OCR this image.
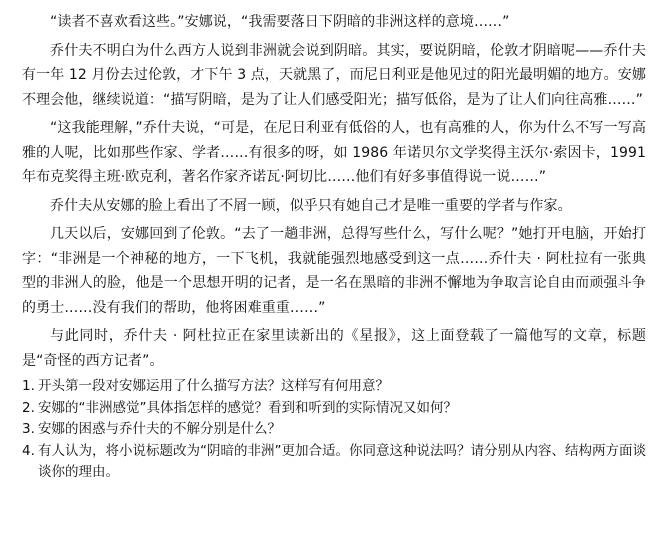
“读者不喜欢看这些。”安娜说，“我需要落日下阴暗的非洲这样的意境……”

乔什夫不明白为什么西方人说到非洲就会说到阴暗。其实，要说阴暗，伦敦才阴暗呢——乔什夫有一年 12 月份去过伦敦，才下午 3 点，天就黑了，而尼日利亚是他见过的阳光最明媚的地方。安娜不理会他，继续说道：“描写阴暗，是为了让人们感受阳光；描写低俗，是为了让人们向往高雅……”

“这我能理解，”乔什夫说，“可是，在尼日利亚有低俗的人，也有高雅的人，你为什么不写一写高雅的人呢，比如那些作家、学者……有很多的呀，如 1986 年诺贝尔文学奖得主沃尔·索因卡，1991 年布克奖得主班·欧克利，著名作家齐诺瓦·阿切比……他们有好多事值得说一说……”

乔什夫从安娜的脸上看出了不屑一顾，似乎只有她自己才是唯一重要的学者与作家。

几天以后，安娜回到了伦敦。“去了一趟非洲，总得写些什么，写什么呢？”她打开电脑，开始打字：“非洲是一个神秘的地方，一下飞机，我就能强烈地感受到这一点……乔什夫 · 阿杜拉有一张典型的非洲人的脸，他是一个思想开明的记者，是一名在黑暗的非洲不懈地为争取言论自由而顽强斗争的勇士……没有我们的帮助，他将困难重重……”

与此同时，乔什夫 · 阿杜拉正在家里读新出的《星报》，这上面登载了一篇他写的文章，标题是“奇怪的西方记者”。

1. 开头第一段对安娜运用了什么描写方法？这样写有何用意？
2. 安娜的“非洲感觉”具体指怎样的感觉？看到和听到的实际情况又如何？
3. 安娜的困惑与乔什夫的不解分别是什么？
4. 有人认为，将小说标题改为“阴暗的非洲”更加合适。你同意这种说法吗？请分别从内容、结构两方面谈谈你的理由。
